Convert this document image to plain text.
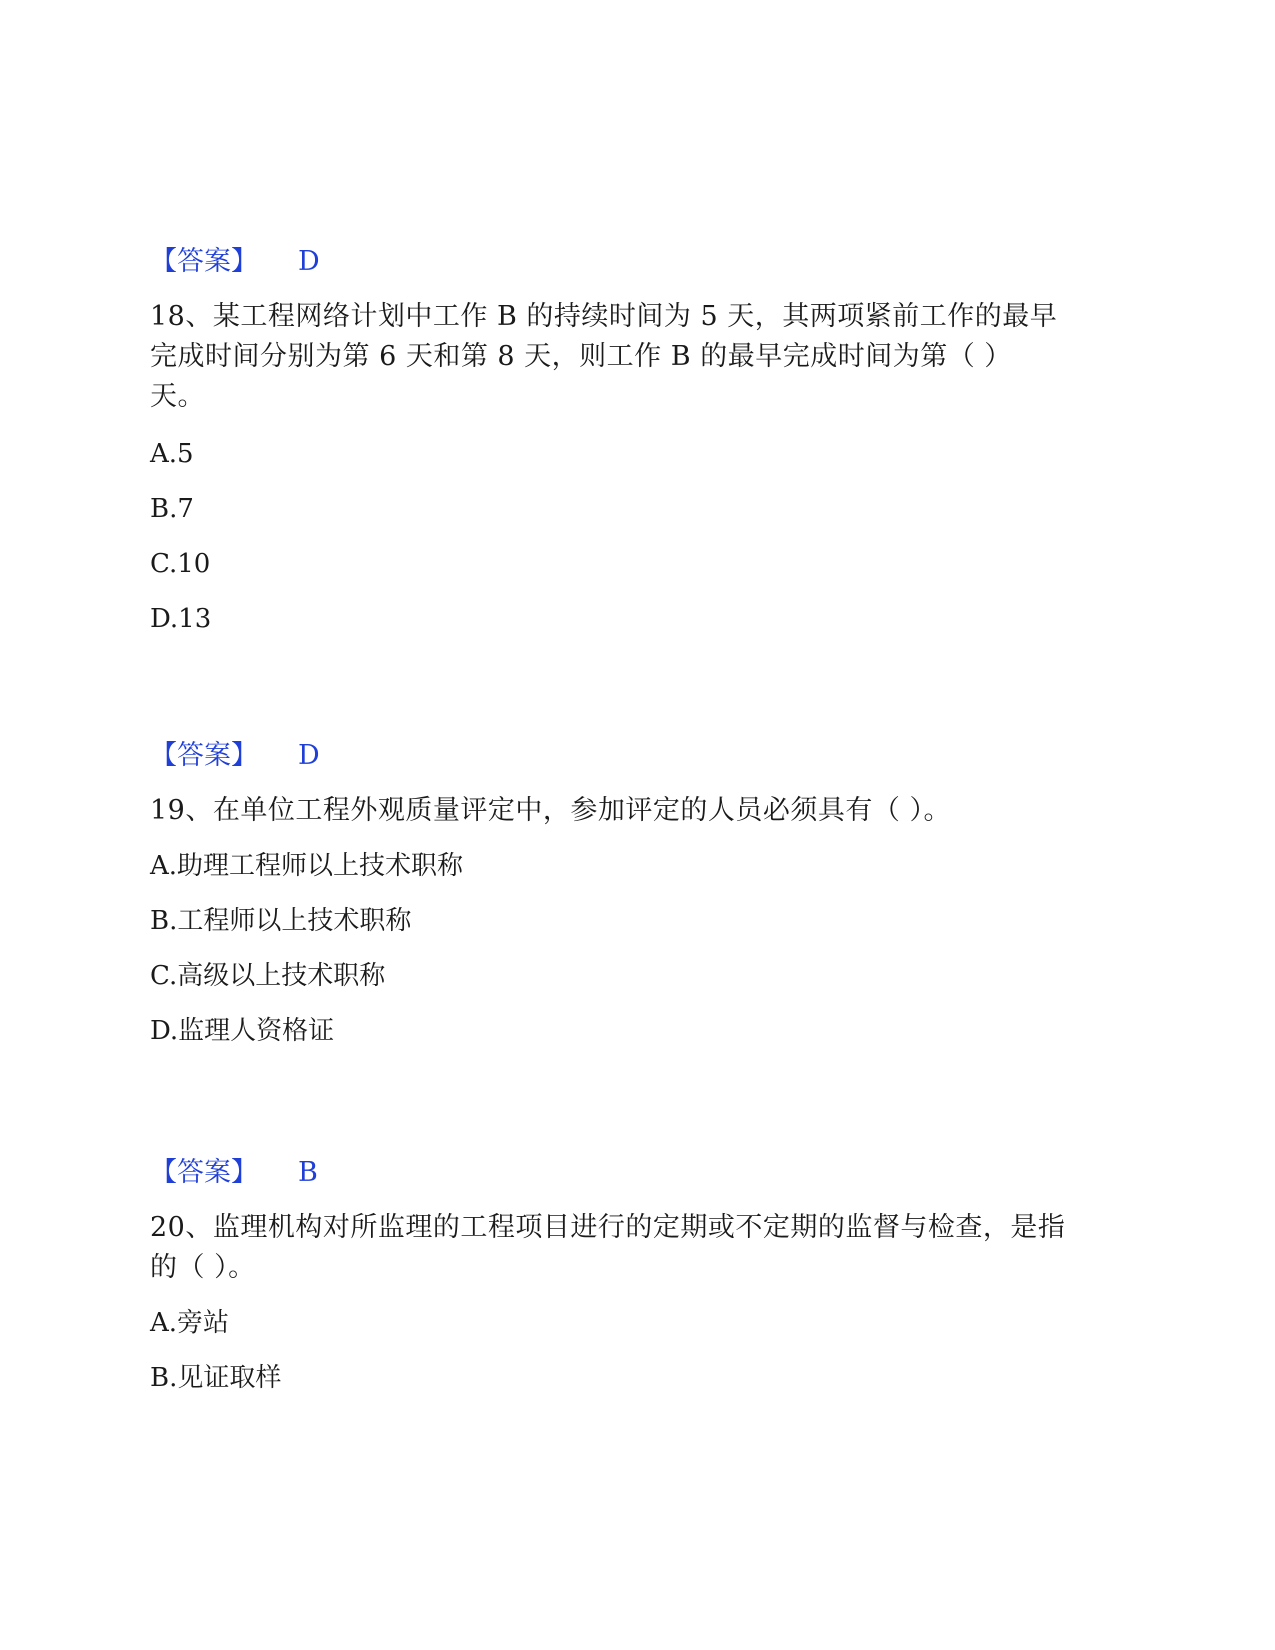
【答案】 D
18、某工程网络计划中工作 B 的持续时间为 5 天，其两项紧前工作的最早
完成时间分别为第 6 天和第 8 天，则工作 B 的最早完成时间为第（ ）
天。
A.5
B.7
C.10
D.13
【答案】 D
19、在单位工程外观质量评定中，参加评定的人员必须具有（ ）。
A.助理工程师以上技术职称
B.工程师以上技术职称
C.高级以上技术职称
D.监理人资格证
【答案】 B
20、监理机构对所监理的工程项目进行的定期或不定期的监督与检查，是指
的（ ）。
A.旁站
B.见证取样
